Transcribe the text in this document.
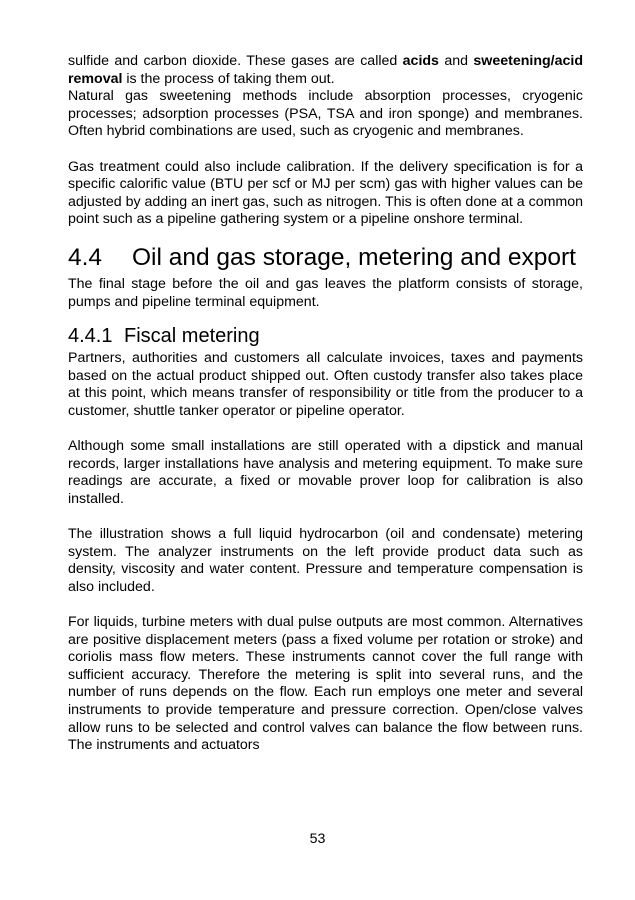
sulfide and carbon dioxide. These gases are called acids and sweetening/acid removal is the process of taking them out.

Natural gas sweetening methods include absorption processes, cryogenic processes; adsorption processes (PSA, TSA and iron sponge) and membranes. Often hybrid combinations are used, such as cryogenic and membranes.

Gas treatment could also include calibration. If the delivery specification is for a specific calorific value (BTU per scf or MJ per scm) gas with higher values can be adjusted by adding an inert gas, such as nitrogen. This is often done at a common point such as a pipeline gathering system or a pipeline onshore terminal.

4.4 Oil and gas storage, metering and export

The final stage before the oil and gas leaves the platform consists of storage, pumps and pipeline terminal equipment.

4.4.1 Fiscal metering

Partners, authorities and customers all calculate invoices, taxes and payments based on the actual product shipped out. Often custody transfer also takes place at this point, which means transfer of responsibility or title from the producer to a customer, shuttle tanker operator or pipeline operator.

Although some small installations are still operated with a dipstick and manual records, larger installations have analysis and metering equipment. To make sure readings are accurate, a fixed or movable prover loop for calibration is also installed.

The illustration shows a full liquid hydrocarbon (oil and condensate) metering system. The analyzer instruments on the left provide product data such as density, viscosity and water content. Pressure and temperature compensation is also included.

For liquids, turbine meters with dual pulse outputs are most common. Alternatives are positive displacement meters (pass a fixed volume per rotation or stroke) and coriolis mass flow meters. These instruments cannot cover the full range with sufficient accuracy. Therefore the metering is split into several runs, and the number of runs depends on the flow. Each run employs one meter and several instruments to provide temperature and pressure correction. Open/close valves allow runs to be selected and control valves can balance the flow between runs. The instruments and actuators

53
